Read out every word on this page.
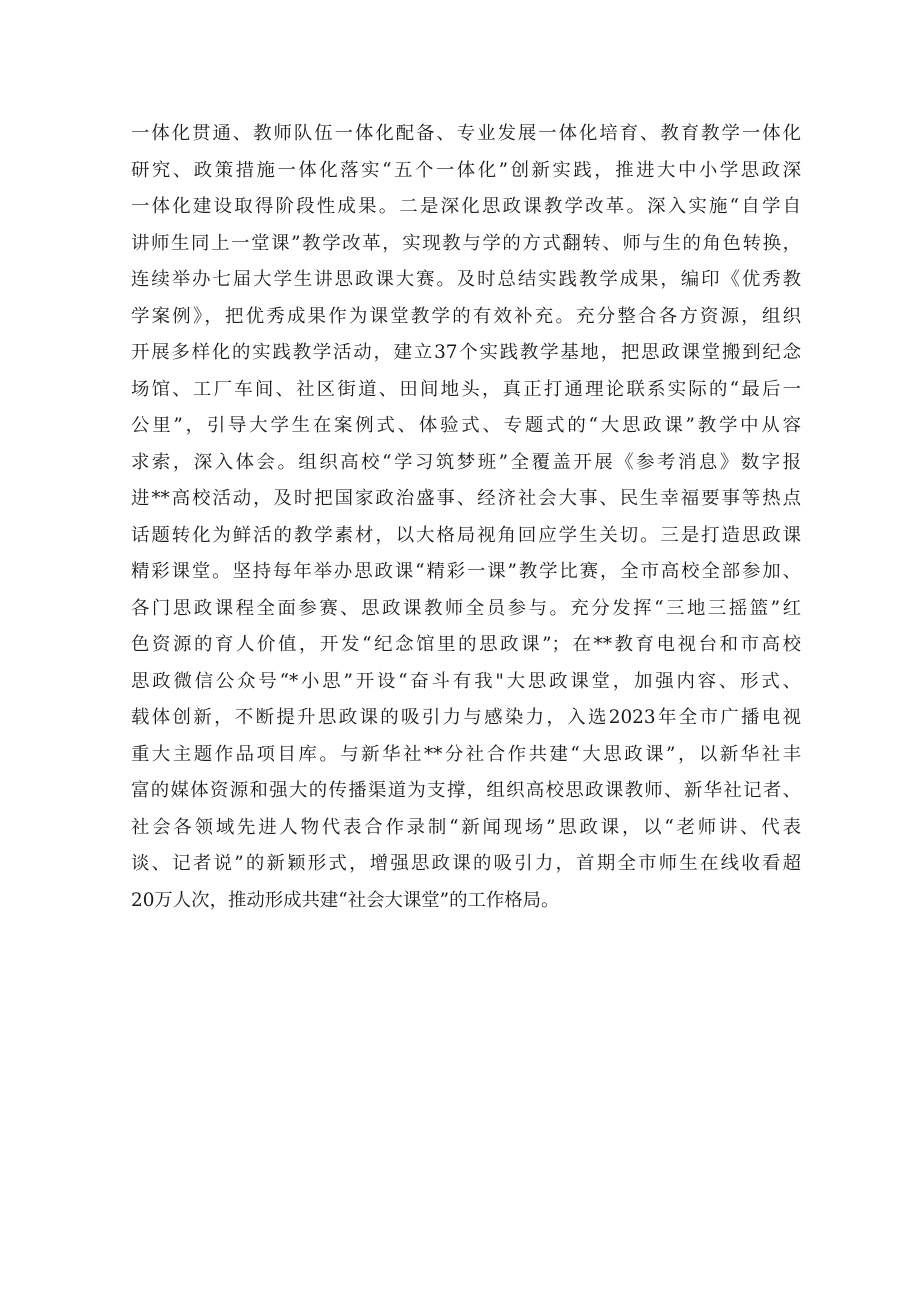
一体化贯通、教师队伍一体化配备、专业发展一体化培育、教育教学一体化
研究、政策措施一体化落实“五个一体化”创新实践，推进大中小学思政深
一体化建设取得阶段性成果。二是深化思政课教学改革。深入实施“自学自
讲师生同上一堂课”教学改革，实现教与学的方式翻转、师与生的角色转换，
连续举办七届大学生讲思政课大赛。及时总结实践教学成果，编印《优秀教
学案例》，把优秀成果作为课堂教学的有效补充。充分整合各方资源，组织
开展多样化的实践教学活动，建立37个实践教学基地，把思政课堂搬到纪念
场馆、工厂车间、社区街道、田间地头，真正打通理论联系实际的“最后一
公里”，引导大学生在案例式、体验式、专题式的“大思政课”教学中从容
求索，深入体会。组织高校“学习筑梦班”全覆盖开展《参考消息》数字报
进**高校活动，及时把国家政治盛事、经济社会大事、民生幸福要事等热点
话题转化为鲜活的教学素材，以大格局视角回应学生关切。三是打造思政课
精彩课堂。坚持每年举办思政课“精彩一课”教学比赛，全市高校全部参加、
各门思政课程全面参赛、思政课教师全员参与。充分发挥“三地三摇篮”红
色资源的育人价值，开发“纪念馆里的思政课”；在**教育电视台和市高校
思政微信公众号“*小思”开设“奋斗有我"大思政课堂，加强内容、形式、
载体创新，不断提升思政课的吸引力与感染力，入选2023年全市广播电视
重大主题作品项目库。与新华社**分社合作共建“大思政课”，以新华社丰
富的媒体资源和强大的传播渠道为支撑，组织高校思政课教师、新华社记者、
社会各领域先进人物代表合作录制“新闻现场”思政课，以“老师讲、代表
谈、记者说”的新颖形式，增强思政课的吸引力，首期全市师生在线收看超
20万人次，推动形成共建“社会大课堂”的工作格局。
